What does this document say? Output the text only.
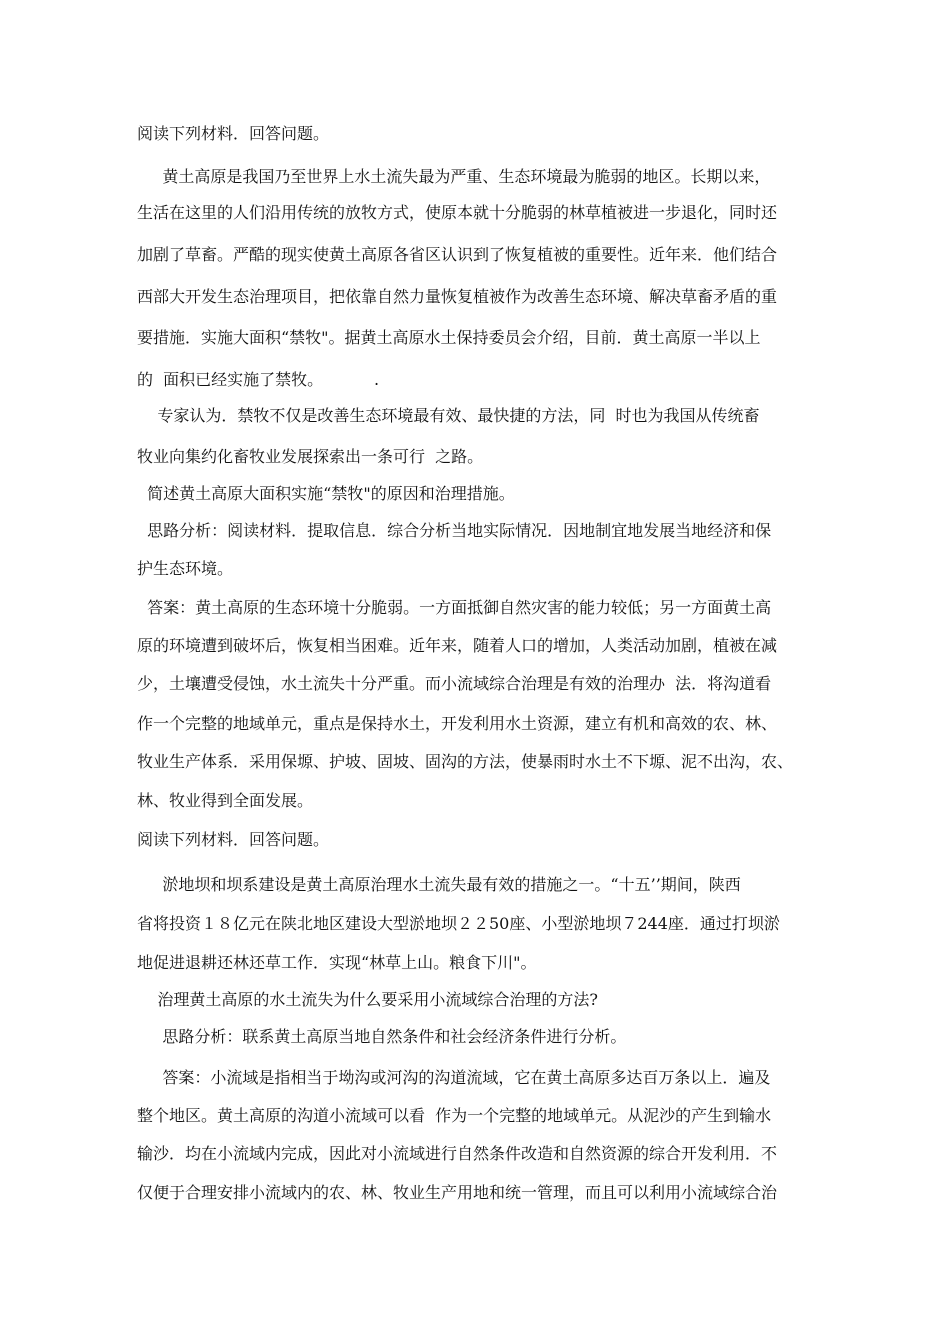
阅读下列材料．回答问题。

黄土高原是我国乃至世界上水土流失最为严重、生态环境最为脆弱的地区。长期以来，

生活在这里的人们沿用传统的放牧方式，使原本就十分脆弱的林草植被进一步退化，同时还

加剧了草畜。严酷的现实使黄土高原各省区认识到了恢复植被的重要性。近年来．他们结合

西部大开发生态治理项目，把依靠自然力量恢复植被作为改善生态环境、解决草畜矛盾的重

要措施．实施大面积“禁牧"。据黄土高原水土保持委员会介绍，目前．黄土高原一半以上

的  面积已经实施了禁牧。          .

专家认为．禁牧不仅是改善生态环境最有效、最快捷的方法，同  时也为我国从传统畜

牧业向集约化畜牧业发展探索出一条可行  之路。

简述黄土高原大面积实施“禁牧"的原因和治理措施。

思路分析：阅读材料．提取信息．综合分析当地实际情况．因地制宜地发展当地经济和保

护生态环境。

答案：黄土高原的生态环境十分脆弱。一方面抵御自然灾害的能力较低；另一方面黄土高

原的环境遭到破坏后，恢复相当困难。近年来，随着人口的增加，人类活动加剧，植被在减

少，土壤遭受侵蚀，水土流失十分严重。而小流域综合治理是有效的治理办  法．将沟道看

作一个完整的地域单元，重点是保持水土，开发利用水土资源，建立有机和高效的农、林、

牧业生产体系．采用保塬、护坡、固坡、固沟的方法，使暴雨时水土不下塬、泥不出沟，农、

林、牧业得到全面发展。

阅读下列材料．回答问题。

淤地坝和坝系建设是黄土高原治理水土流失最有效的措施之一。“十五’’期间，陕西

省将投资１８亿元在陕北地区建设大型淤地坝２２50座、小型淤地坝７244座．通过打坝淤

地促进退耕还林还草工作．实现“林草上山。粮食下川"。

治理黄土高原的水土流失为什么要采用小流域综合治理的方法?

思路分析：联系黄土高原当地自然条件和社会经济条件进行分析。

答案：小流域是指相当于坳沟或河沟的沟道流域，它在黄土高原多达百万条以上．遍及

整个地区。黄土高原的沟道小流域可以看  作为一个完整的地域单元。从泥沙的产生到输水

输沙．均在小流域内完成，因此对小流域进行自然条件改造和自然资源的综合开发利用．不

仅便于合理安排小流域内的农、林、牧业生产用地和统一管理，而且可以利用小流域综合治
